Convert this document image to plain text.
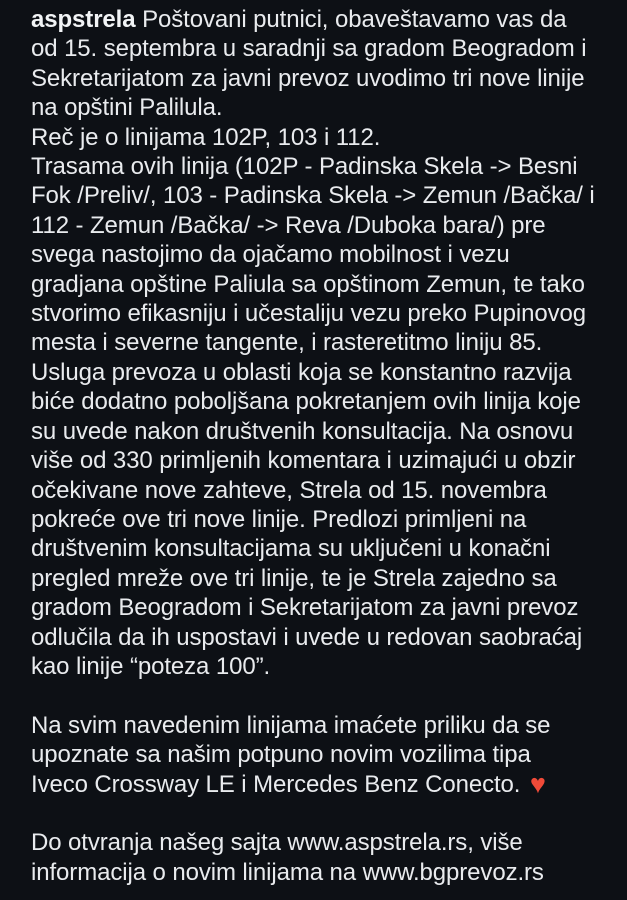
aspstrela Poštovani putnici, obaveštavamo vas da
od 15. septembra u saradnji sa gradom Beogradom i
Sekretarijatom za javni prevoz uvodimo tri nove linije
na opštini Palilula.
Reč je o linijama 102P, 103 i 112.
Trasama ovih linija (102P - Padinska Skela -> Besni
Fok /Preliv/, 103 - Padinska Skela -> Zemun /Bačka/ i
112 - Zemun /Bačka/ -> Reva /Duboka bara/) pre
svega nastojimo da ojačamo mobilnost i vezu
gradjana opštine Paliula sa opštinom Zemun, te tako
stvorimo efikasniju i učestaliju vezu preko Pupinovog
mesta i severne tangente, i rasteretitmo liniju 85.
Usluga prevoza u oblasti koja se konstantno razvija
biće dodatno poboljšana pokretanjem ovih linija koje
su uvede nakon društvenih konsultacija. Na osnovu
više od 330 primljenih komentara i uzimajući u obzir
očekivane nove zahteve, Strela od 15. novembra
pokreće ove tri nove linije. Predlozi primljeni na
društvenim konsultacijama su uključeni u konačni
pregled mreže ove tri linije, te je Strela zajedno sa
gradom Beogradom i Sekretarijatom za javni prevoz
odlučila da ih uspostavi i uvede u redovan saobraćaj
kao linije “poteza 100”.

Na svim navedenim linijama imaćete priliku da se
upoznate sa našim potpuno novim vozilima tipa
Iveco Crossway LE i Mercedes Benz Conecto. ♥

Do otvranja našeg sajta www.aspstrela.rs, više
informacija o novim linijama na www.bgprevoz.rs
